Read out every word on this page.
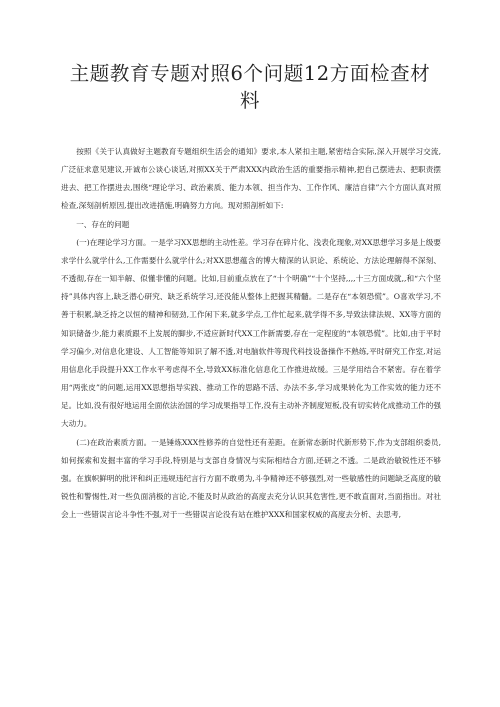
主题教育专题对照6个问题12方面检查材料

按照《关于认真做好主题教育专题组织生活会的通知》要求,本人紧扣主题,紧密结合实际,深入开展学习交流,广泛征求意见建议,开诚布公谈心谈话,对照XX关于严肃XXX内政治生活的重要指示精神,把自己摆进去、把职责摆进去、把工作摆进去,围绕“理论学习、政治素质、能力本领、担当作为、工作作风、廉洁自律”六个方面认真对照检查,深刻剖析原因,提出改进措施,明确努力方向。现对照剖析如下:

一、存在的问题

(一)在理论学习方面。一是学习XX思想的主动性差。学习存在碎片化、浅表化现象,对XX思想学习多是上级要求学什么就学什么,工作需要什么就学什么;对XX思想蕴含的博大精深的认识论、系统论、方法论理解得不深刻、不透彻,存在一知半解、似懂非懂的问题。比如,目前重点放在了“十个明确”“十个坚持,,,,十三方面成就,,和“六个坚持”具体内容上,缺乏潜心研究、缺乏系统学习,还没能从整体上把握其精髓。二是存在“本领恐慌”。O喜欢学习,不善于积累,缺乏持之以恒的精神和韧劲,工作闲下来,就多学点,工作忙起来,就学得不多,导致法律法规、XX等方面的知识储备少,能力素质跟不上发展的脚步,不适应新时代XX工作新需要,存在一定程度的“本领恐慌”。比如,由于平时学习偏少,对信息化建设、人工智能等知识了解不透,对电脑软件等现代科技设备操作不熟练,平时研究工作室,对运用信息化手段提升XX工作水平考虑得不全,导致XX标准化信息化工作推进故缓。三是学用结合不紧密。存在着学用“两张皮”的问题,运用XX思想指导实践、推动工作的思路不活、办法不多,学习成果转化为工作实效的能力还不足。比如,没有很好地运用全面依法治国的学习成果指导工作,没有主动补齐制度短板,没有切实转化成推动工作的强大动力。

(二)在政治素质方面。一是锤炼XXX性修养的自觉性还有差距。在新常态新时代新形势下,作为支部组织委员,如何探索和发掘丰富的学习手段,特别是与支部自身情况与实际相结合方面,还研之不透。二是政治敏锐性还不够强。在旗帜鲜明的批评和纠正违规违纪言行方面不敢勇为,斗争精神还不够强烈,对一些敏感性的问题缺乏高度的敏锐性和警惕性,对一些负面消极的言论,不能及时从政治的高度去充分认识其危害性,更不敢直面对,当面指出。对社会上一些错误言论斗争性不强,对于一些错误言论没有站在维护XXX和国家权威的高度去分析、去思考,
